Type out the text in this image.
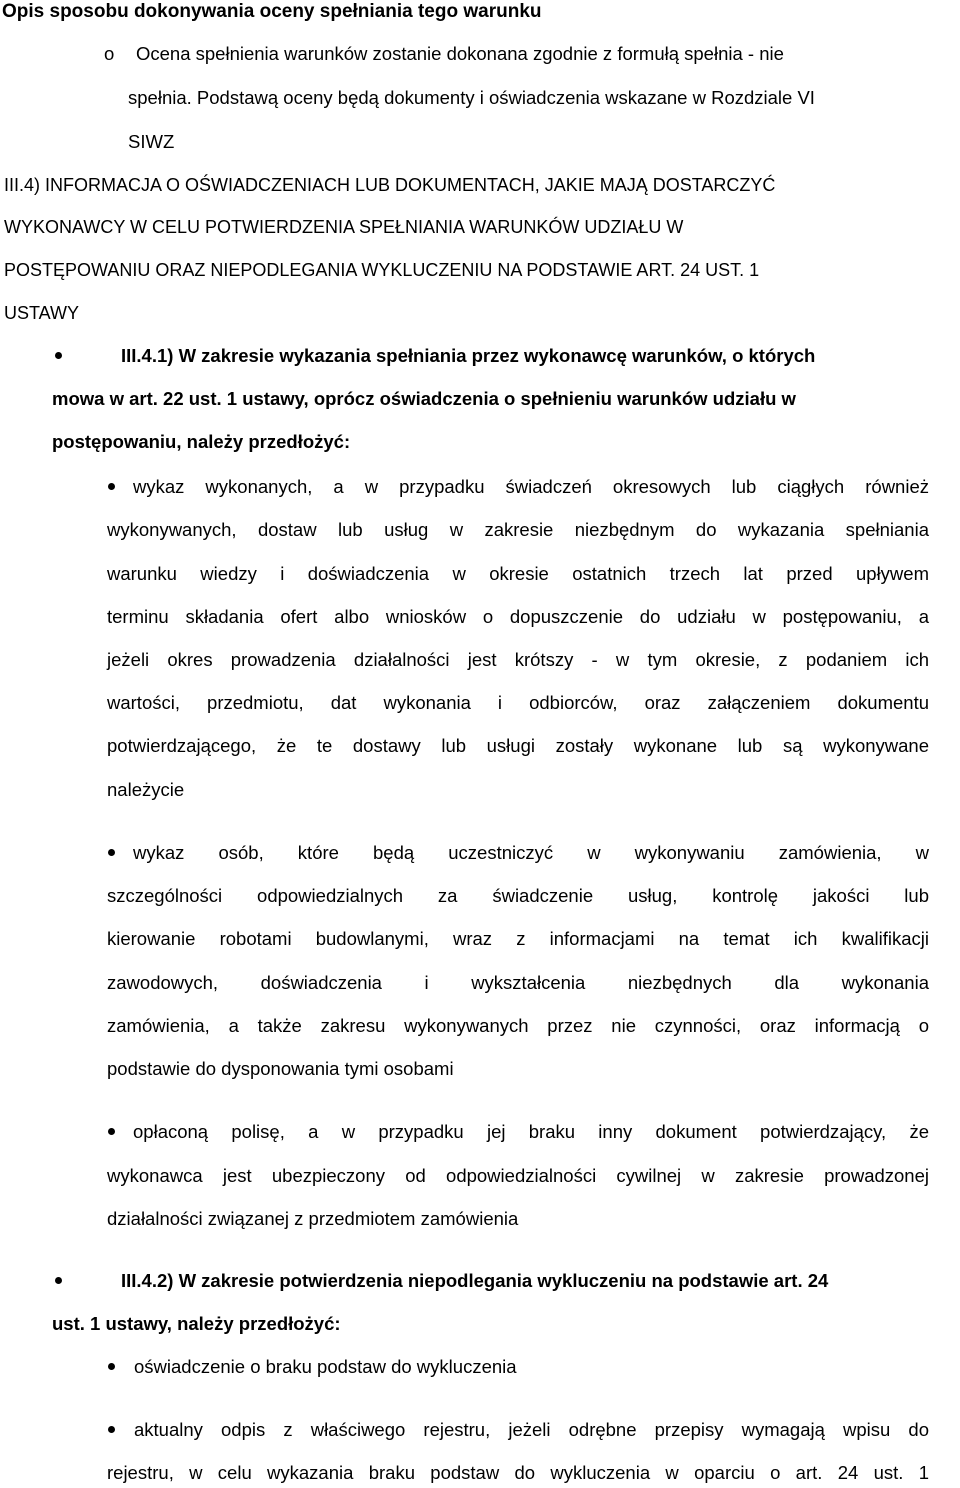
Opis sposobu dokonywania oceny spełniania tego warunku
o Ocena spełnienia warunków zostanie dokonana zgodnie z formułą spełnia - nie
spełnia. Podstawą oceny będą dokumenty i oświadczenia wskazane w Rozdziale VI
SIWZ
III.4) INFORMACJA O OŚWIADCZENIACH LUB DOKUMENTACH, JAKIE MAJĄ DOSTARCZYĆ
WYKONAWCY W CELU POTWIERDZENIA SPEŁNIANIA WARUNKÓW UDZIAŁU W
POSTĘPOWANIU ORAZ NIEPODLEGANIA WYKLUCZENIU NA PODSTAWIE ART. 24 UST. 1
USTAWY
III.4.1) W zakresie wykazania spełniania przez wykonawcę warunków, o których
mowa w art. 22 ust. 1 ustawy, oprócz oświadczenia o spełnieniu warunków udziału w
postępowaniu, należy przedłożyć:
wykaz wykonanych, a w przypadku świadczeń okresowych lub ciągłych również
wykonywanych, dostaw lub usług w zakresie niezbędnym do wykazania spełniania
warunku wiedzy i doświadczenia w okresie ostatnich trzech lat przed upływem
terminu składania ofert albo wniosków o dopuszczenie do udziału w postępowaniu, a
jeżeli okres prowadzenia działalności jest krótszy - w tym okresie, z podaniem ich
wartości, przedmiotu, dat wykonania i odbiorców, oraz załączeniem dokumentu
potwierdzającego, że te dostawy lub usługi zostały wykonane lub są wykonywane
należycie
wykaz osób, które będą uczestniczyć w wykonywaniu zamówienia, w
szczególności odpowiedzialnych za świadczenie usług, kontrolę jakości lub
kierowanie robotami budowlanymi, wraz z informacjami na temat ich kwalifikacji
zawodowych, doświadczenia i wykształcenia niezbędnych dla wykonania
zamówienia, a także zakresu wykonywanych przez nie czynności, oraz informacją o
podstawie do dysponowania tymi osobami
opłaconą polisę, a w przypadku jej braku inny dokument potwierdzający, że
wykonawca jest ubezpieczony od odpowiedzialności cywilnej w zakresie prowadzonej
działalności związanej z przedmiotem zamówienia
III.4.2) W zakresie potwierdzenia niepodlegania wykluczeniu na podstawie art. 24
ust. 1 ustawy, należy przedłożyć:
oświadczenie o braku podstaw do wykluczenia
aktualny odpis z właściwego rejestru, jeżeli odrębne przepisy wymagają wpisu do
rejestru, w celu wykazania braku podstaw do wykluczenia w oparciu o art. 24 ust. 1
